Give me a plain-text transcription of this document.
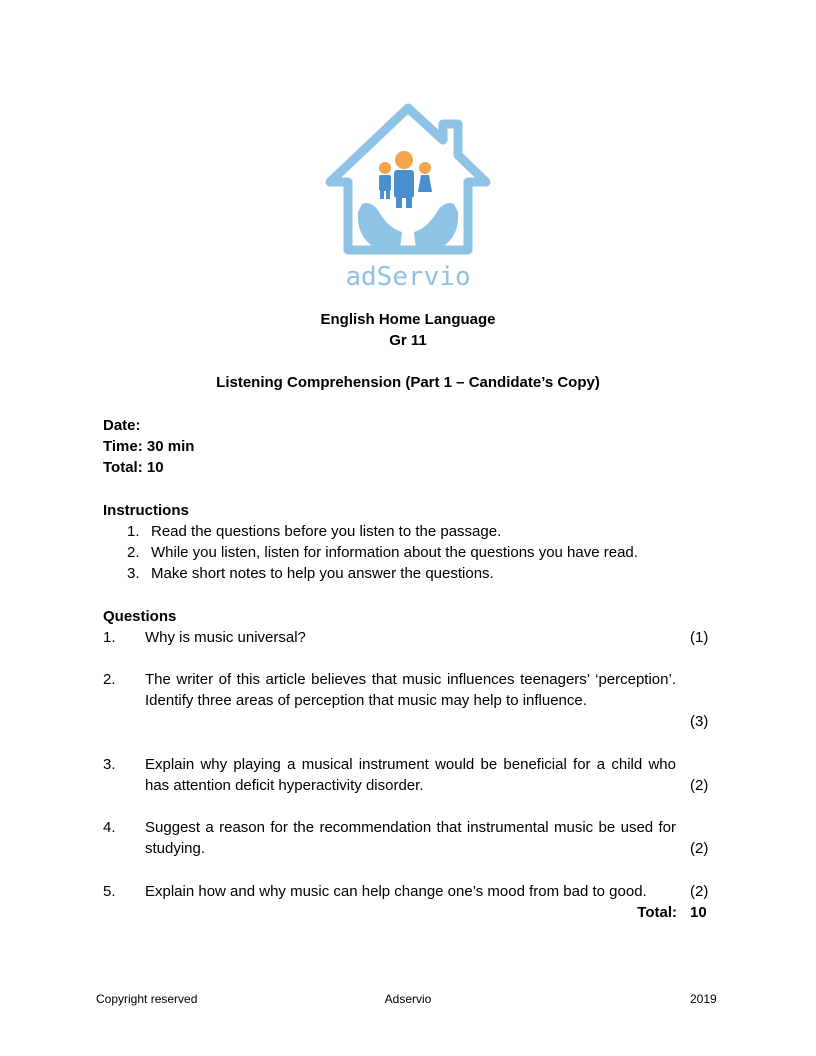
adServio
English Home Language
Gr 11
Listening Comprehension (Part 1 – Candidate’s Copy)
Date:
Time: 30 min
Total: 10
Instructions
1. Read the questions before you listen to the passage.
2. While you listen, listen for information about the questions you have read.
3. Make short notes to help you answer the questions.
Questions
1. Why is music universal?	(1)
2. The writer of this article believes that music influences teenagers’ ‘perception’. Identify three areas of perception that music may help to influence.
(3)
3. Explain why playing a musical instrument would be beneficial for a child who has attention deficit hyperactivity disorder.	(2)
4. Suggest a reason for the recommendation that instrumental music be used for studying.	(2)
5. Explain how and why music can help change one’s mood from bad to good.	(2)
Total: 10
Copyright reserved	Adservio	2019
